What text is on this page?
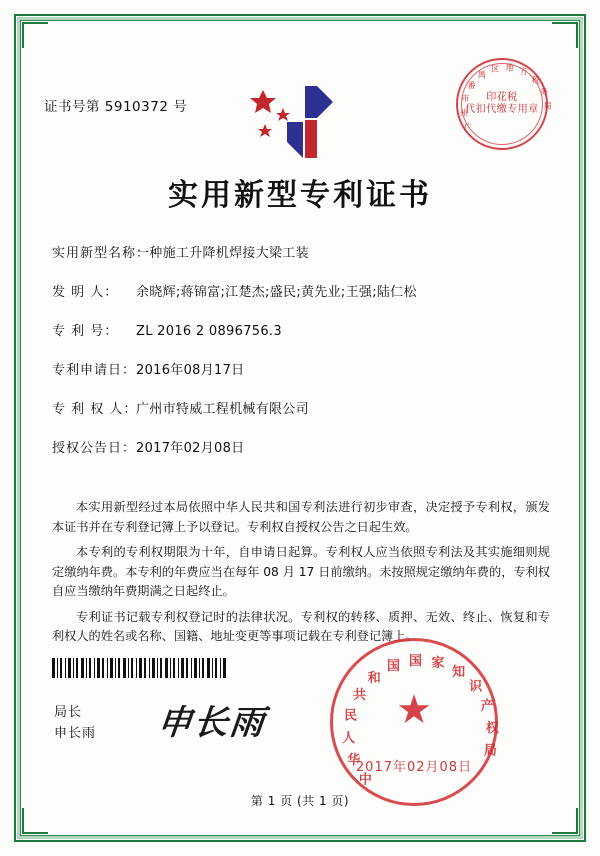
证书号第 5910372 号
广
州
市
番
禺
区 地 方
税
务
局
印花税
代扣代缴专用章
实用新型专利证书
实用新型名称：一种施工升降机焊接大梁工装
发 明 人： 余晓辉;蒋锦富;江楚杰;盛民;黄先业;王强;陆仁松
专 利 号： ZL 2016 2 0896756.3
专利申请日：2016年08月17日
专 利 权 人：广州市特威工程机械有限公司
授权公告日：2017年02月08日

本实用新型经过本局依照中华人民共和国专利法进行初步审查，决定授予专利权，颁发本证书并在专利登记簿上予以登记。专利权自授权公告之日起生效。

本专利的专利权期限为十年，自申请日起算。专利权人应当依照专利法及其实施细则规定缴纳年费。本专利的年费应当在每年 08 月 17 日前缴纳。未按照规定缴纳年费的，专利权自应当缴纳年费期满之日起终止。

专利证书记载专利权登记时的法律状况。专利权的转移、质押、无效、终止、恢复和专利权人的姓名或名称、国籍、地址变更等事项记载在专利登记簿上。

局长
申长雨 申长雨
中
华
人
民
共
和
国 国 家
知
识
产
权
局
★
2017年02月08日
第 1 页 (共 1 页)
